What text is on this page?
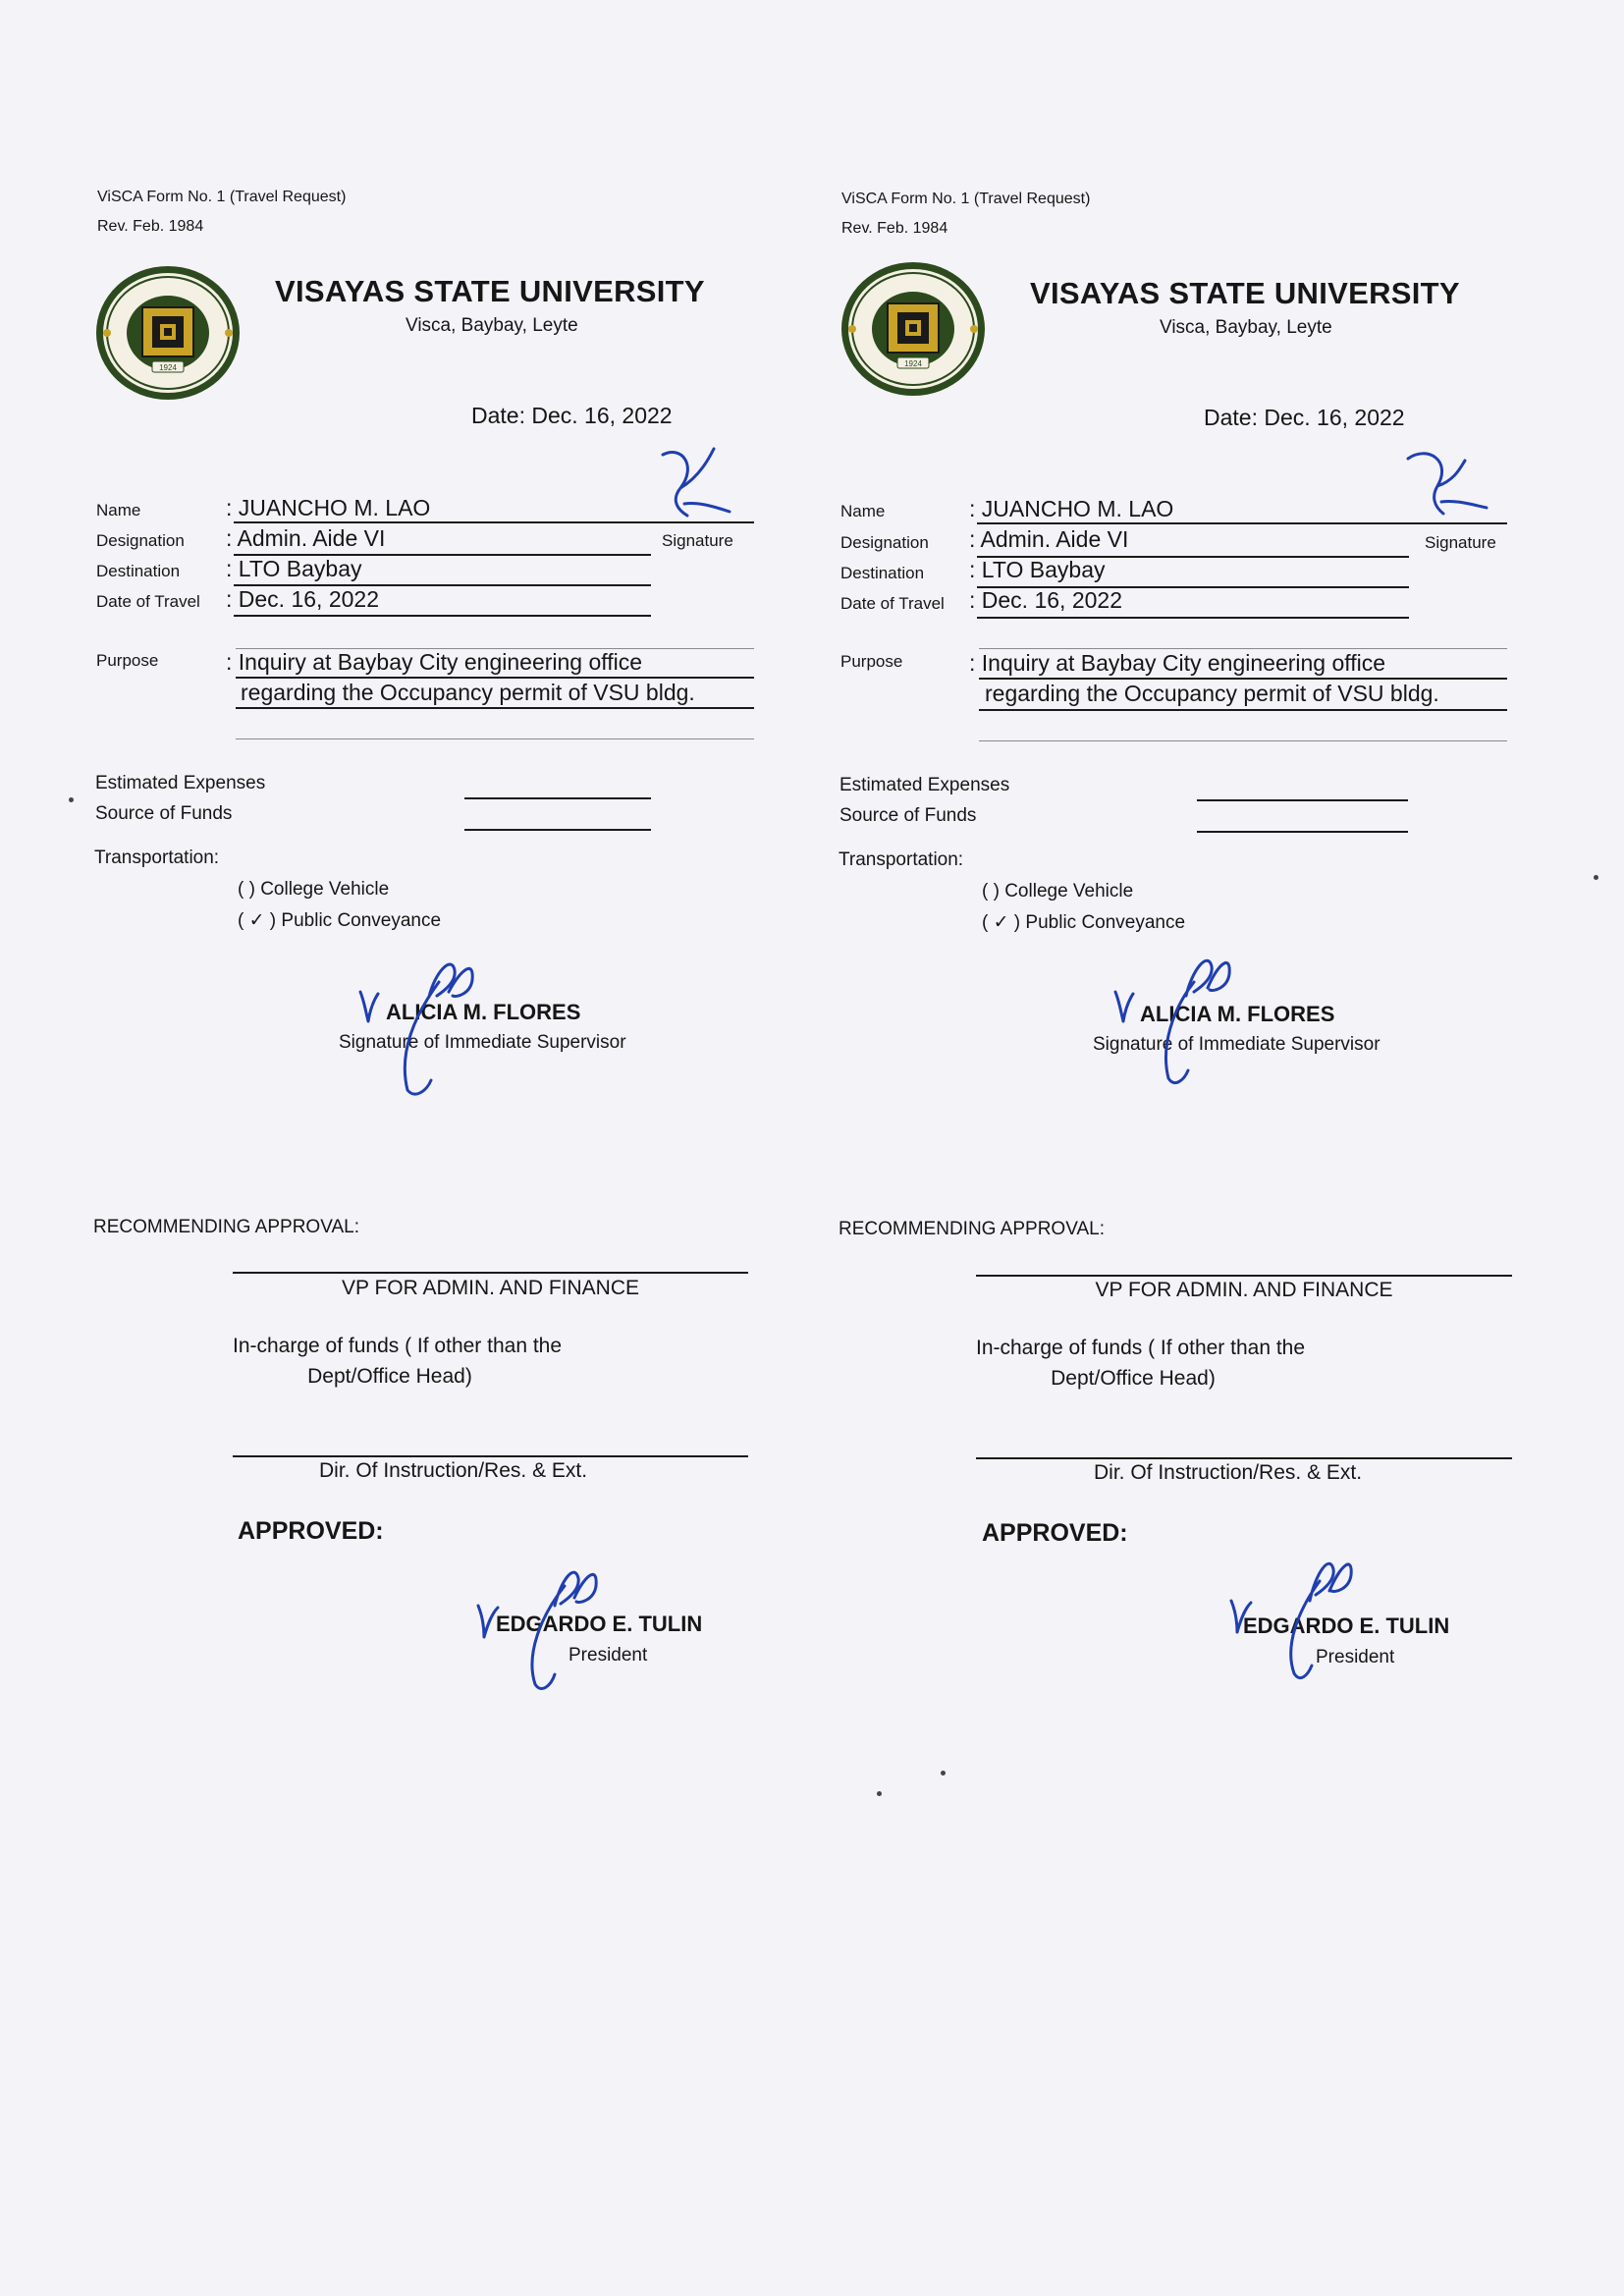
ViSCA Form No. 1 (Travel Request)
Rev. Feb. 1984
1924
VISAYAS STATE UNIVERSITY
Visca, Baybay, Leyte
Date: Dec. 16, 2022
Name	: JUANCHO M. LAO
Signature
Designation : Admin. Aide VI
Destination : LTO Baybay
Date of Travel : Dec. 16, 2022
Purpose	: Inquiry at Baybay City engineering office
regarding the Occupancy permit of VSU bldg.
Estimated Expenses
Source of Funds
Transportation:
( ) College Vehicle
( ✓ ) Public Conveyance
ALICIA M. FLORES
Signature of Immediate Supervisor
RECOMMENDING APPROVAL:
VP FOR ADMIN. AND FINANCE
In-charge of funds ( If other than the
Dept/Office Head)
Dir. Of Instruction/Res. & Ext.
APPROVED:
EDGARDO E. TULIN
President
ViSCA Form No. 1 (Travel Request)
Rev. Feb. 1984
1924
VISAYAS STATE UNIVERSITY
Visca, Baybay, Leyte
Date: Dec. 16, 2022
Name	: JUANCHO M. LAO
Signature
Designation : Admin. Aide VI
Destination : LTO Baybay
Date of Travel : Dec. 16, 2022
Purpose	: Inquiry at Baybay City engineering office
regarding the Occupancy permit of VSU bldg.
Estimated Expenses
Source of Funds
Transportation:
( ) College Vehicle
( ✓ ) Public Conveyance
ALICIA M. FLORES
Signature of Immediate Supervisor
RECOMMENDING APPROVAL:
VP FOR ADMIN. AND FINANCE
In-charge of funds ( If other than the
Dept/Office Head)
Dir. Of Instruction/Res. & Ext.
APPROVED:
EDGARDO E. TULIN
President
